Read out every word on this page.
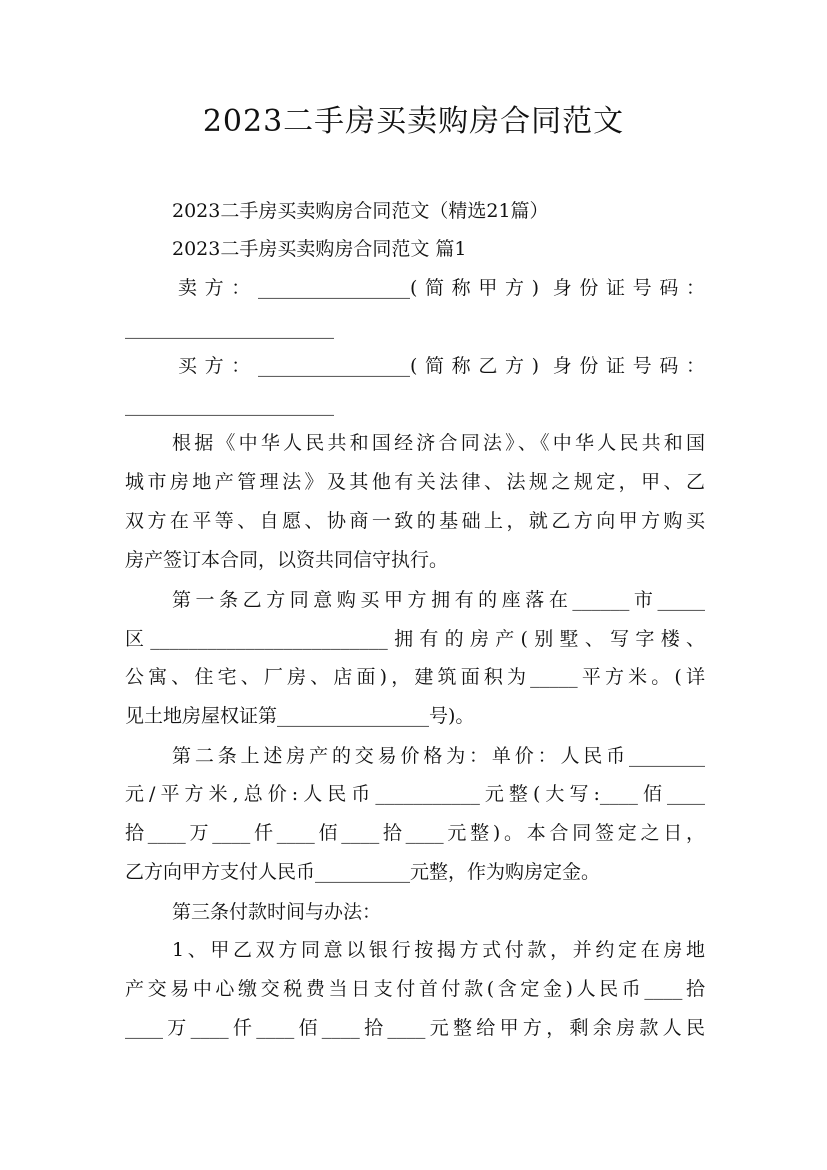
2023二手房买卖购房合同范文
2023二手房买卖购房合同范文（精选21篇）
2023二手房买卖购房合同范文 篇1
卖方：________________(简称甲方) 身份证号码：
______________________
买方：________________(简称乙方) 身份证号码：
______________________
根据《中华人民共和国经济合同法》、《中华人民共和国
城市房地产管理法》及其他有关法律、法规之规定，甲、乙
双方在平等、自愿、协商一致的基础上，就乙方向甲方购买
房产签订本合同，以资共同信守执行。
第一条乙方同意购买甲方拥有的座落在______市_____
区_________________________拥有的房产(别墅、写字楼、
公寓、住宅、厂房、店面)，建筑面积为_____平方米。(详
见土地房屋权证第________________号)。
第二条上述房产的交易价格为：单价：人民币________
元/平方米,总价:人民币___________元整(大写:____佰____
拾____万____仟____佰____拾____元整)。本合同签定之日，
乙方向甲方支付人民币__________元整，作为购房定金。
第三条付款时间与办法：
1、甲乙双方同意以银行按揭方式付款，并约定在房地
产交易中心缴交税费当日支付首付款(含定金)人民币____拾
____万____仟____佰____拾____元整给甲方，剩余房款人民
